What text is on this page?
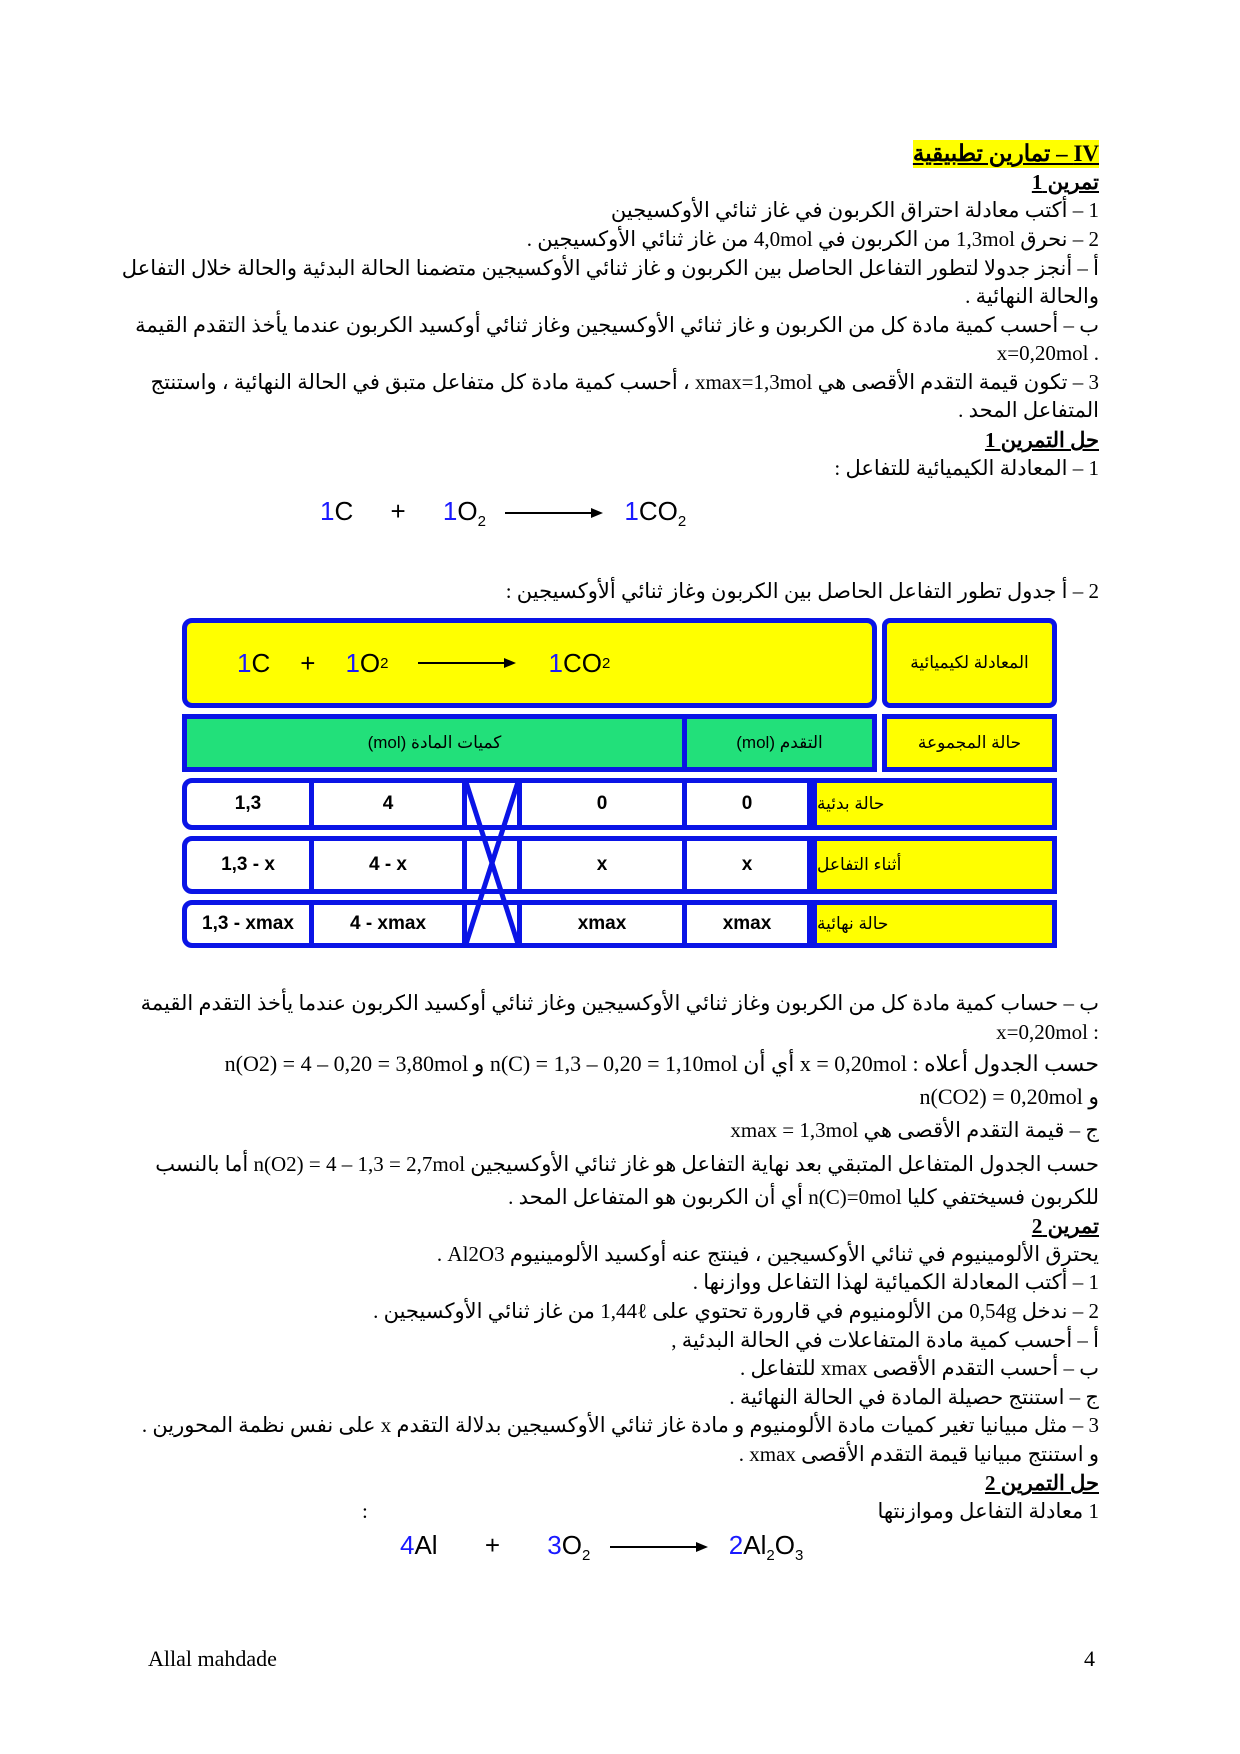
IV – تمارين تطبيقية
تمرين 1
1 – أكتب معادلة احتراق الكربون في غاز ثنائي الأوكسيجين
2 – نحرق 1,3mol من الكربون في 4,0mol من غاز ثنائي الأوكسيجين .
أ – أنجز جدولا لتطور التفاعل الحاصل بين الكربون و غاز ثنائي الأوكسيجين متضمنا الحالة البدئية والحالة خلال التفاعل
والحالة النهائية .
ب – أحسب كمية مادة كل من الكربون و غاز ثنائي الأوكسيجين وغاز ثنائي أوكسيد الكربون عندما يأخذ التقدم القيمة
. x=0,20mol
3 – تكون قيمة التقدم الأقصى هي xmax=1,3mol ، أحسب كمية مادة كل متفاعل متبق في الحالة النهائية ، واستنتج
المتفاعل المحد .
حل التمرين 1
1 – المعادلة الكيميائية للتفاعل :
$1C + 1O_2 \to 1CO_2$
2 – أ جدول تطور التفاعل الحاصل بين الكربون وغاز ثنائي ألأوكسيجين :
1 C + 1 O 2	1 CO 2	المعادلة لكيميائية
كميات المادة (mol)	التقدم (mol)	حالة المجموعة
1,3	4	0	0	حالة بدئية
1,3 - x	4 - x	x	x	أثناء التفاعل
1,3 - xmax	4 - xmax	xmax	xmax	حالة نهائية
ب – حساب كمية مادة كل من الكربون وغاز ثنائي الأوكسيجين وغاز ثنائي أوكسيد الكربون عندما يأخذ التقدم القيمة
: x=0,20mol
حسب الجدول أعلاه : x = 0,20mol أي أن n(C) = 1,3 – 0,20 = 1,10mol و n(O2) = 4 – 0,20 = 3,80mol
و n(CO2) = 0,20mol
ج – قيمة التقدم الأقصى هي xmax = 1,3mol
حسب الجدول المتفاعل المتبقي بعد نهاية التفاعل هو غاز ثنائي الأوكسيجين n(O2) = 4 – 1,3 = 2,7mol أما بالنسب
للكربون فسيختفي كليا n(C)=0mol أي أن الكربون هو المتفاعل المحد .
تمرين 2
يحترق الألومينيوم في ثنائي الأوكسيجين ، فينتج عنه أوكسيد الألومينيوم Al2O3 .
1 – أكتب المعادلة الكميائية لهذا التفاعل ووازنها .
2 – ندخل 0,54g من الألومنيوم في قارورة تحتوي على 1,44ℓ من غاز ثنائي الأوكسيجين .
أ – أحسب كمية مادة المتفاعلات في الحالة البدئية ,
ب – أحسب التقدم الأقصى xmax للتفاعل .
ج – استنتج حصيلة المادة في الحالة النهائية .
3 – مثل مبيانيا تغير كميات مادة الألومنيوم و مادة غاز ثنائي الأوكسيجين بدلالة التقدم x على نفس نظمة المحورين .
و استنتج مبيانيا قيمة التقدم الأقصى xmax .
حل التمرين 2
1 معادلة التفاعل وموازنتها
:
$4Al + 3O_2 \to 2Al_2O_3$
Allal mahdade	4
